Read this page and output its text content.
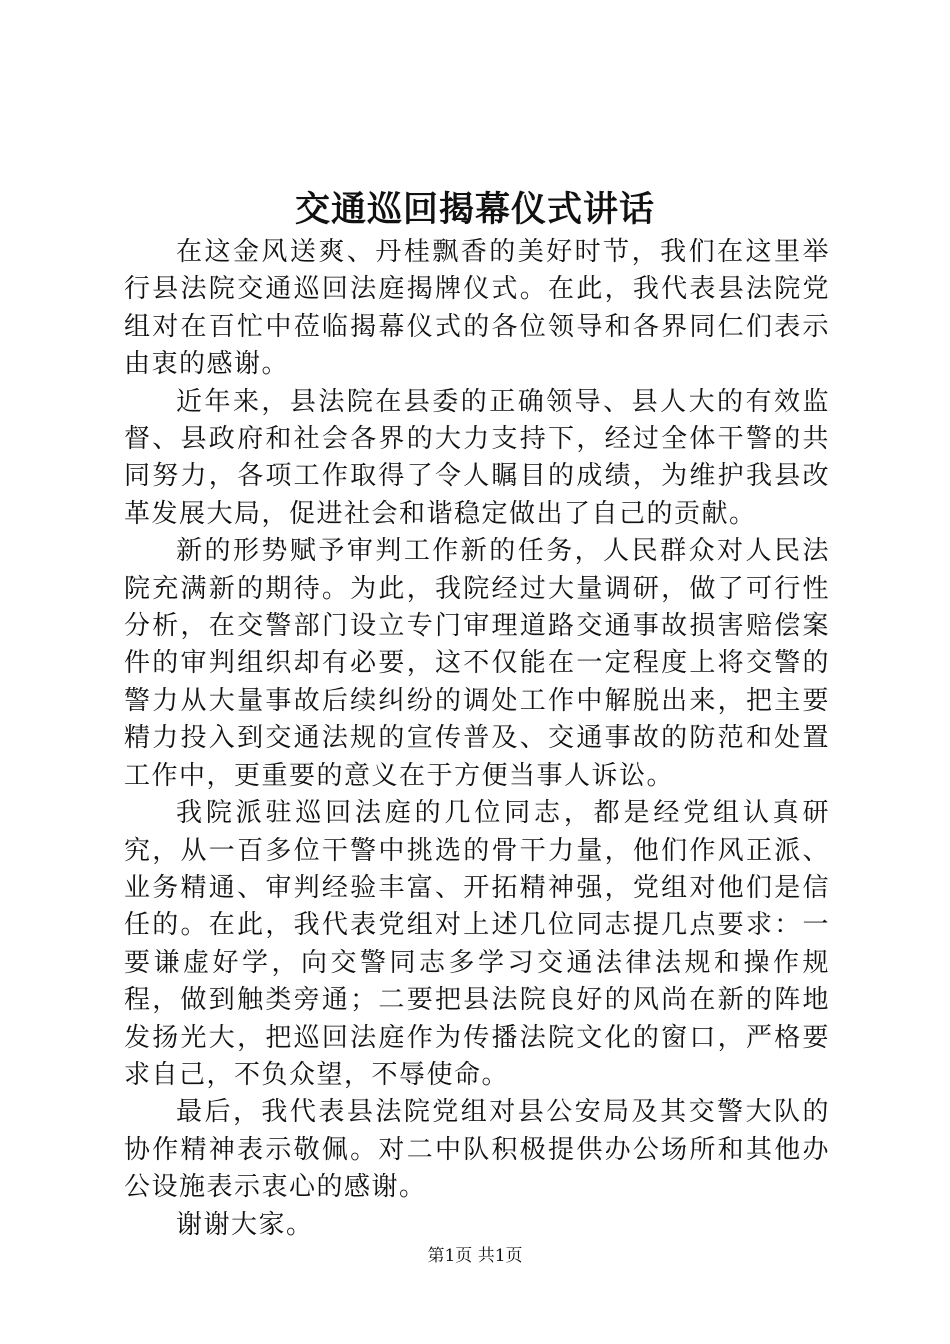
交通巡回揭幕仪式讲话

在这金风送爽、丹桂飘香的美好时节，我们在这里举行县法院交通巡回法庭揭牌仪式。在此，我代表县法院党组对在百忙中莅临揭幕仪式的各位领导和各界同仁们表示由衷的感谢。

近年来，县法院在县委的正确领导、县人大的有效监督、县政府和社会各界的大力支持下，经过全体干警的共同努力，各项工作取得了令人瞩目的成绩，为维护我县改革发展大局，促进社会和谐稳定做出了自己的贡献。

新的形势赋予审判工作新的任务，人民群众对人民法院充满新的期待。为此，我院经过大量调研，做了可行性分析，在交警部门设立专门审理道路交通事故损害赔偿案件的审判组织却有必要，这不仅能在一定程度上将交警的警力从大量事故后续纠纷的调处工作中解脱出来，把主要精力投入到交通法规的宣传普及、交通事故的防范和处置工作中，更重要的意义在于方便当事人诉讼。

我院派驻巡回法庭的几位同志，都是经党组认真研究，从一百多位干警中挑选的骨干力量，他们作风正派、业务精通、审判经验丰富、开拓精神强，党组对他们是信任的。在此，我代表党组对上述几位同志提几点要求：一要谦虚好学，向交警同志多学习交通法律法规和操作规程，做到触类旁通；二要把县法院良好的风尚在新的阵地发扬光大，把巡回法庭作为传播法院文化的窗口，严格要求自己，不负众望，不辱使命。

最后，我代表县法院党组对县公安局及其交警大队的协作精神表示敬佩。对二中队积极提供办公场所和其他办公设施表示衷心的感谢。

谢谢大家。

第1页 共1页
